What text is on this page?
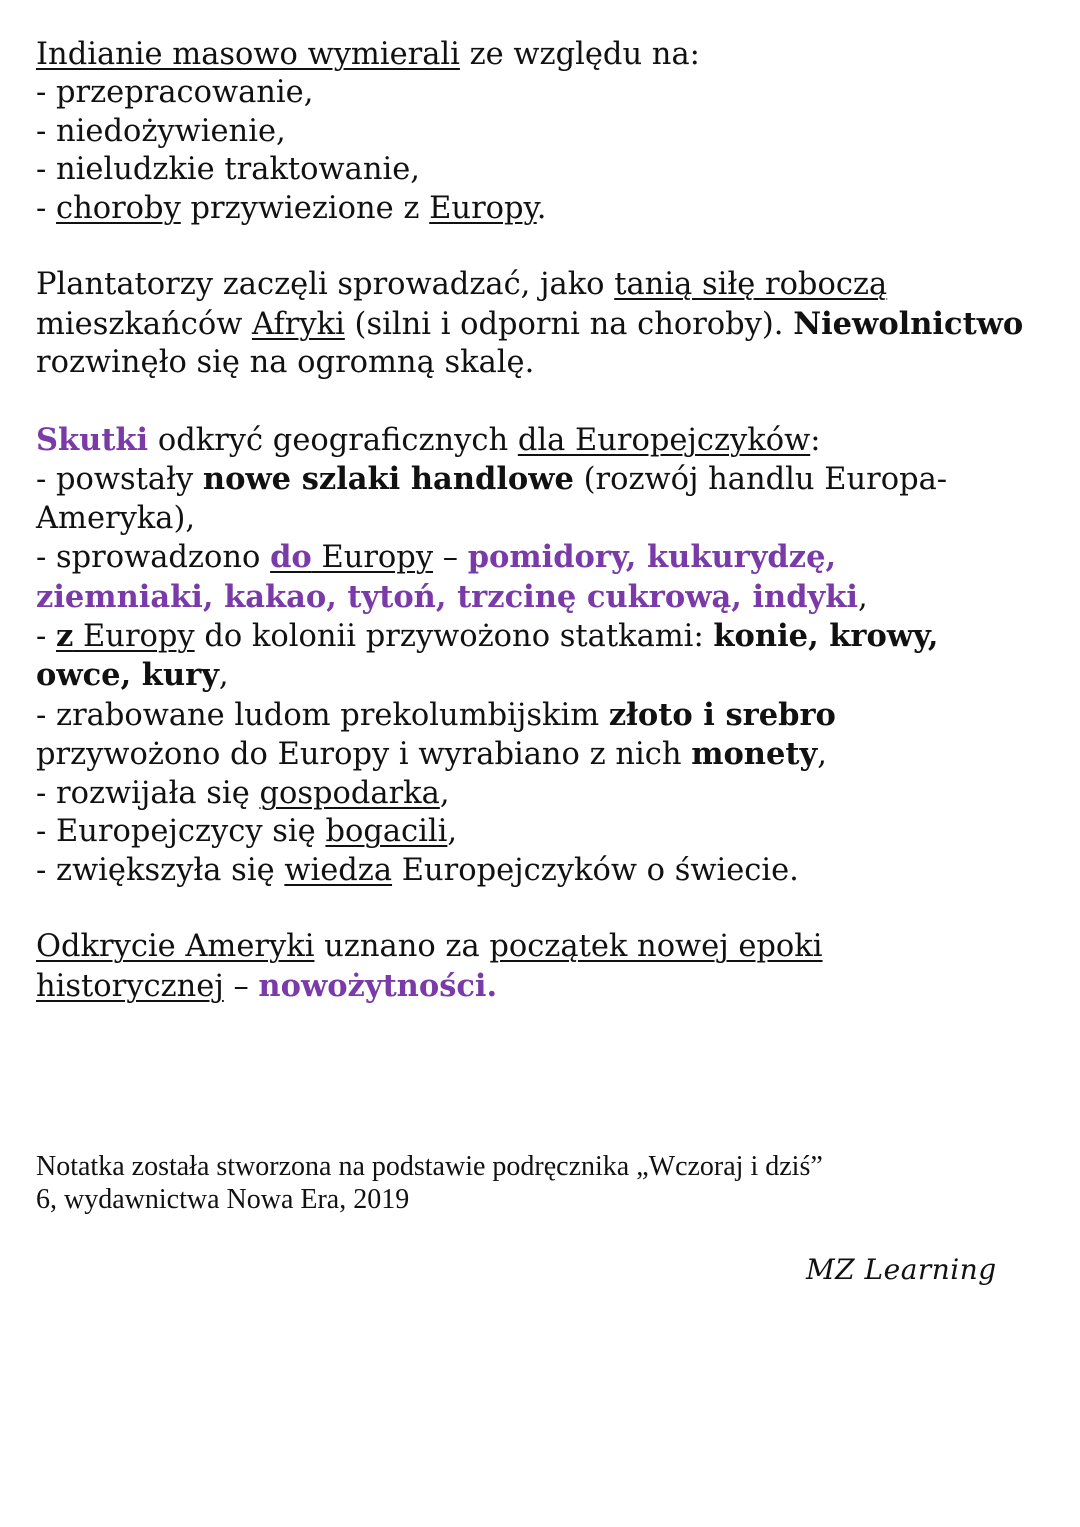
Indianie masowo wymierali ze względu na:
- przepracowanie,
- niedożywienie,
- nieludzkie traktowanie,
- choroby przywiezione z Europy.
Plantatorzy zaczęli sprowadzać, jako tanią siłę roboczą
mieszkańców Afryki (silni i odporni na choroby). Niewolnictwo
rozwinęło się na ogromną skalę.
Skutki odkryć geograficznych dla Europejczyków:
- powstały nowe szlaki handlowe (rozwój handlu Europa-
Ameryka),
- sprowadzono do Europy – pomidory, kukurydzę,
ziemniaki, kakao, tytoń, trzcinę cukrową, indyki,
- z Europy do kolonii przywożono statkami: konie, krowy,
owce, kury,
- zrabowane ludom prekolumbijskim złoto i srebro
przywożono do Europy i wyrabiano z nich monety,
- rozwijała się gospodarka,
- Europejczycy się bogacili,
- zwiększyła się wiedza Europejczyków o świecie.
Odkrycie Ameryki uznano za początek nowej epoki
historycznej – nowożytności.
Notatka została stworzona na podstawie podręcznika „Wczoraj i dziś”
6, wydawnictwa Nowa Era, 2019
MZ Learning
